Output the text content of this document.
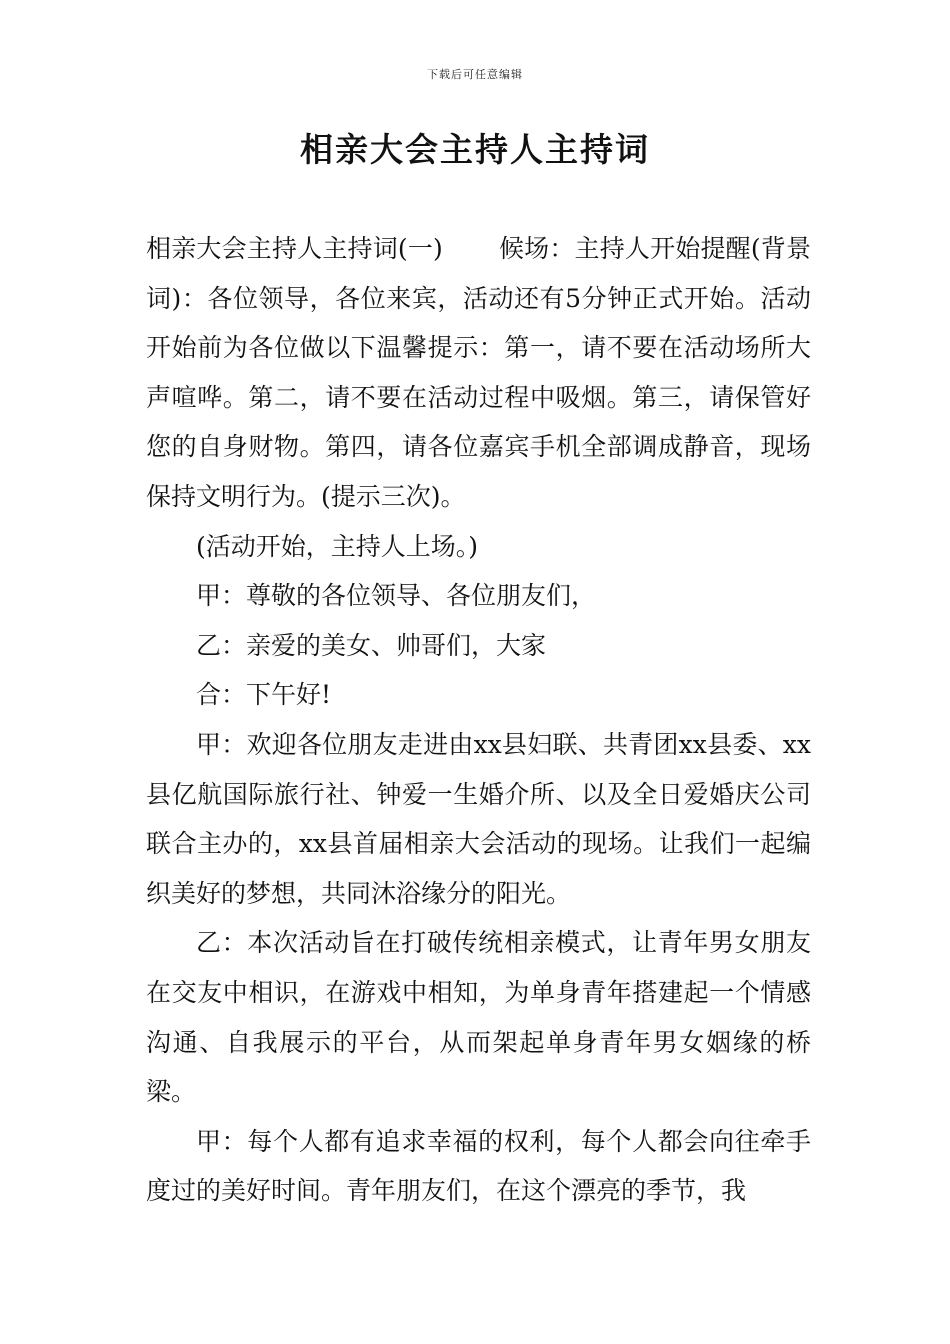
下载后可任意编辑
相亲大会主持人主持词

相亲大会主持人主持词(一) 候场：主持人开始提醒(背景词)：各位领导，各位来宾，活动还有5分钟正式开始。活动开始前为各位做以下温馨提示：第一，请不要在活动场所大声喧哗。第二，请不要在活动过程中吸烟。第三，请保管好您的自身财物。第四，请各位嘉宾手机全部调成静音，现场保持文明行为。(提示三次)。

(活动开始，主持人上场。)

甲：尊敬的各位领导、各位朋友们，

乙：亲爱的美女、帅哥们，大家

合：下午好!

甲：欢迎各位朋友走进由xx县妇联、共青团xx县委、xx县亿航国际旅行社、钟爱一生婚介所、以及全日爱婚庆公司联合主办的，xx县首届相亲大会活动的现场。让我们一起编织美好的梦想，共同沐浴缘分的阳光。

乙：本次活动旨在打破传统相亲模式，让青年男女朋友在交友中相识，在游戏中相知，为单身青年搭建起一个情感沟通、自我展示的平台，从而架起单身青年男女姻缘的桥梁。

甲：每个人都有追求幸福的权利，每个人都会向往牵手度过的美好时间。青年朋友们，在这个漂亮的季节，我
